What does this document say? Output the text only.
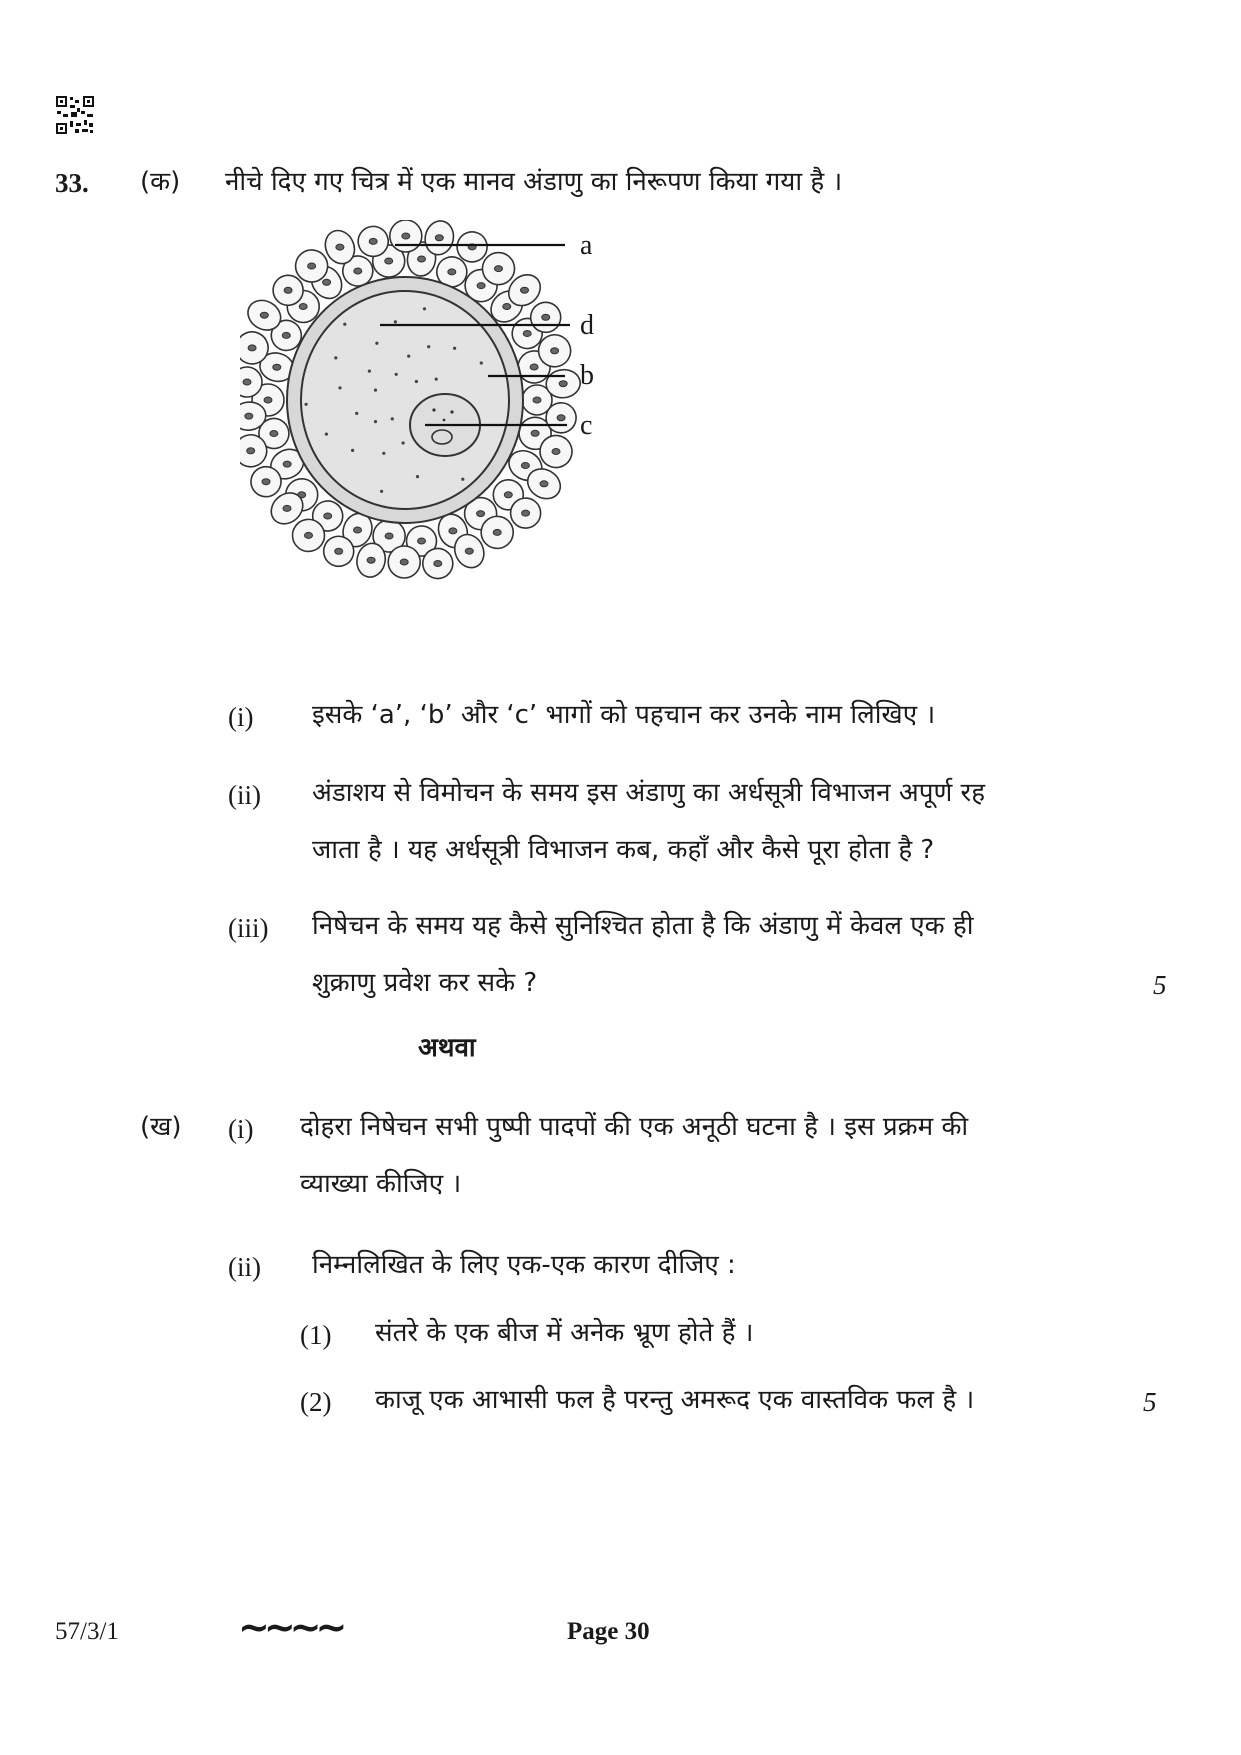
33. (क) नीचे दिए गए चित्र में एक मानव अंडाणु का निरूपण किया गया है ।
a
d
b
c
(i) इसके ‘a’, ‘b’ और ‘c’ भागों को पहचान कर उनके नाम लिखिए ।
(ii) अंडाशय से विमोचन के समय इस अंडाणु का अर्धसूत्री विभाजन अपूर्ण रह
जाता है । यह अर्धसूत्री विभाजन कब, कहाँ और कैसे पूरा होता है ?
(iii) निषेचन के समय यह कैसे सुनिश्चित होता है कि अंडाणु में केवल एक ही
शुक्राणु प्रवेश कर सके ?	5
अथवा
(ख) (i) दोहरा निषेचन सभी पुष्पी पादपों की एक अनूठी घटना है । इस प्रक्रम की
व्याख्या कीजिए ।
(ii) निम्नलिखित के लिए एक-एक कारण दीजिए :
(1) संतरे के एक बीज में अनेक भ्रूण होते हैं ।
(2) काजू एक आभासी फल है परन्तु अमरूद एक वास्तविक फल है ।	5
57/3/1	~~~~	Page 30
